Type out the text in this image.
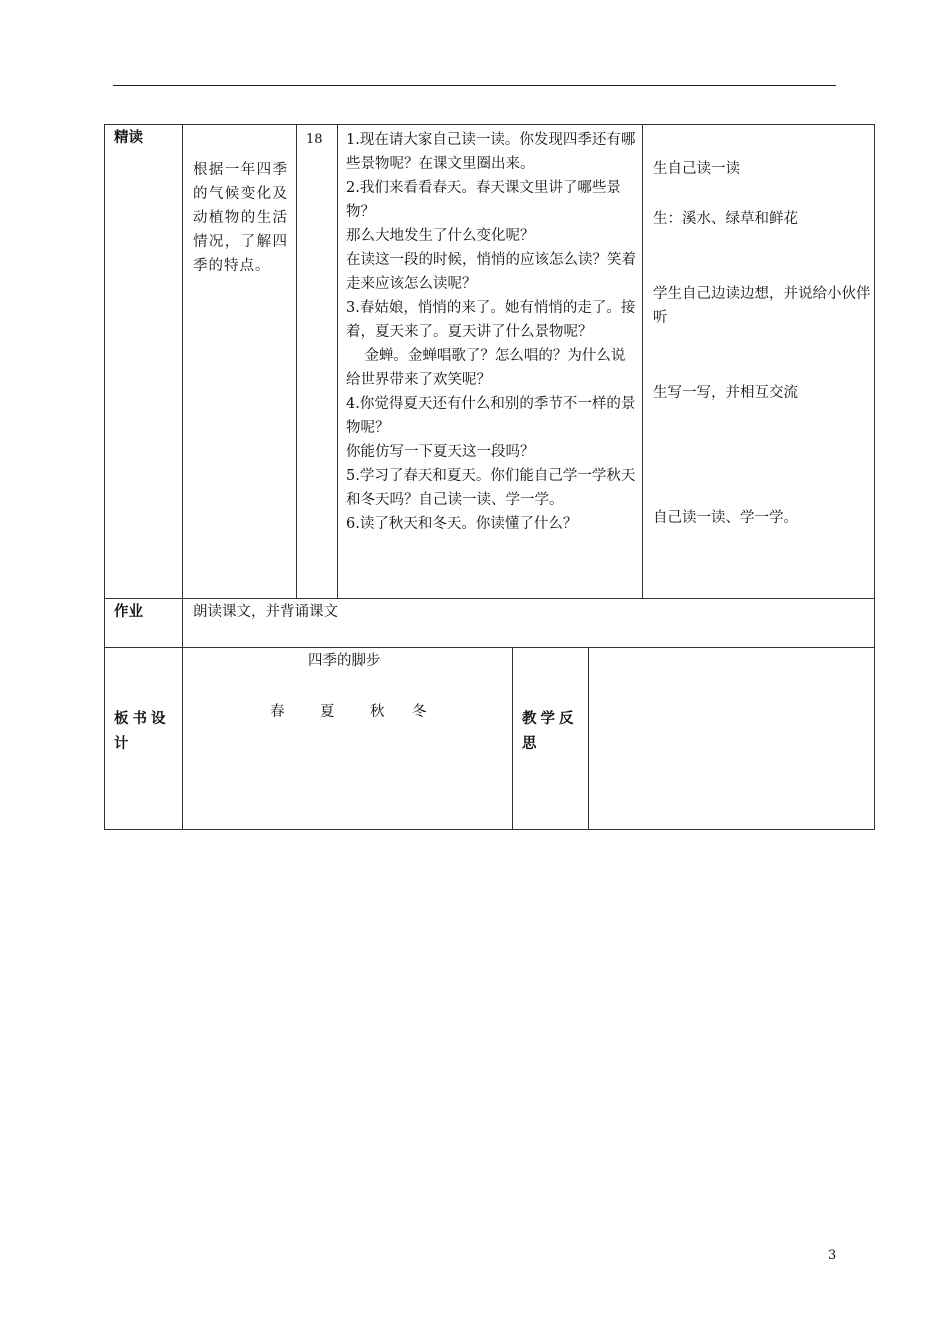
精读
根据一年四季的气候变化及动植物的生活情况，了解四季的特点。
18 1.现在请大家自己读一读。你发现四季还有哪些景物呢？在课文里圈出来。
2.我们来看看春天。春天课文里讲了哪些景物？
那么大地发生了什么变化呢？
在读这一段的时候，悄悄的应该怎么读？笑着走来应该怎么读呢？
3.春姑娘，悄悄的来了。她有悄悄的走了。接着，夏天来了。夏天讲了什么景物呢？
金蝉。金蝉唱歌了？怎么唱的？为什么说给世界带来了欢笑呢？
4.你觉得夏天还有什么和别的季节不一样的景物呢？
你能仿写一下夏天这一段吗？
5.学习了春天和夏天。你们能自己学一学秋天和冬天吗？自己读一读、学一学。
6.读了秋天和冬天。你读懂了什么？
生自己读一读
生：溪水、绿草和鲜花
学生自己边读边想，并说给小伙伴听
生写一写，并相互交流
自己读一读、学一学。
作业	朗读课文，并背诵课文
板书设计
四季的脚步
春 夏 秋 冬	教学反思
3
